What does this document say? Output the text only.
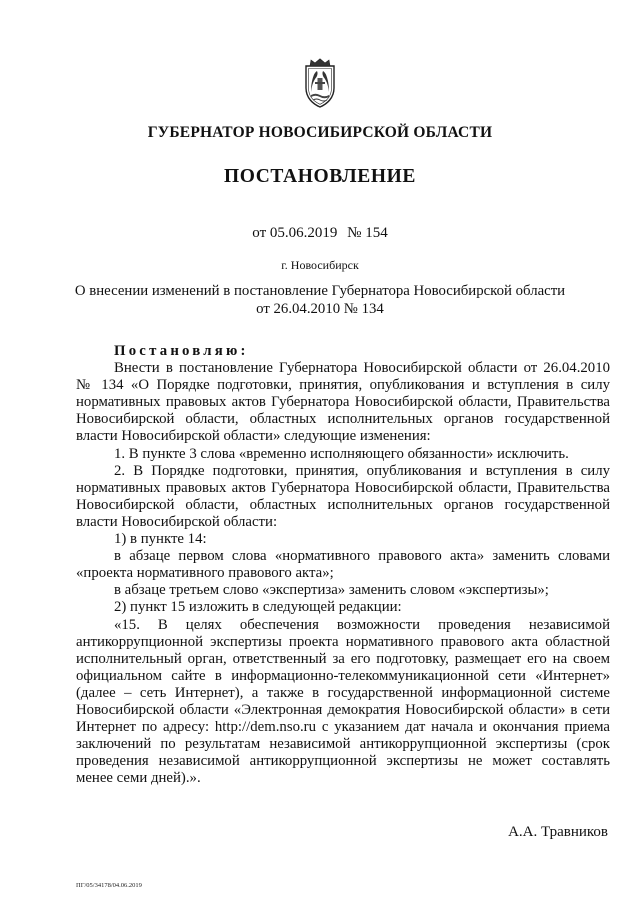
ГУБЕРНАТОР НОВОСИБИРСКОЙ ОБЛАСТИ
ПОСТАНОВЛЕНИЕ
от 05.06.2019 № 154
г. Новосибирск
О внесении изменений в постановление Губернатора Новосибирской области
от 26.04.2010 № 134

Постановляю:

Внести в постановление Губернатора Новосибирской области от 26.04.2010 № 134 «О Порядке подготовки, принятия, опубликования и вступления в силу нормативных правовых актов Губернатора Новосибирской области, Правительства Новосибирской области, областных исполнительных органов государственной власти Новосибирской области» следующие изменения:

1. В пункте 3 слова «временно исполняющего обязанности» исключить.

2. В Порядке подготовки, принятия, опубликования и вступления в силу нормативных правовых актов Губернатора Новосибирской области, Правительства Новосибирской области, областных исполнительных органов государственной власти Новосибирской области:

1) в пункте 14:

в абзаце первом слова «нормативного правового акта» заменить словами «проекта нормативного правового акта»;

в абзаце третьем слово «экспертиза» заменить словом «экспертизы»;

2) пункт 15 изложить в следующей редакции:

«15. В целях обеспечения возможности проведения независимой антикоррупционной экспертизы проекта нормативного правового акта областной исполнительный орган, ответственный за его подготовку, размещает его на своем официальном сайте в информационно-телекоммуникационной сети «Интернет» (далее – сеть Интернет), а также в государственной информационной системе Новосибирской области «Электронная демократия Новосибирской области» в сети Интернет по адресу: http://dem.nso.ru с указанием дат начала и окончания приема заключений по результатам независимой антикоррупционной экспертизы (срок проведения независимой антикоррупционной экспертизы не может составлять менее семи дней).».

А.А. Травников
ПГ/05/34178/04.06.2019
